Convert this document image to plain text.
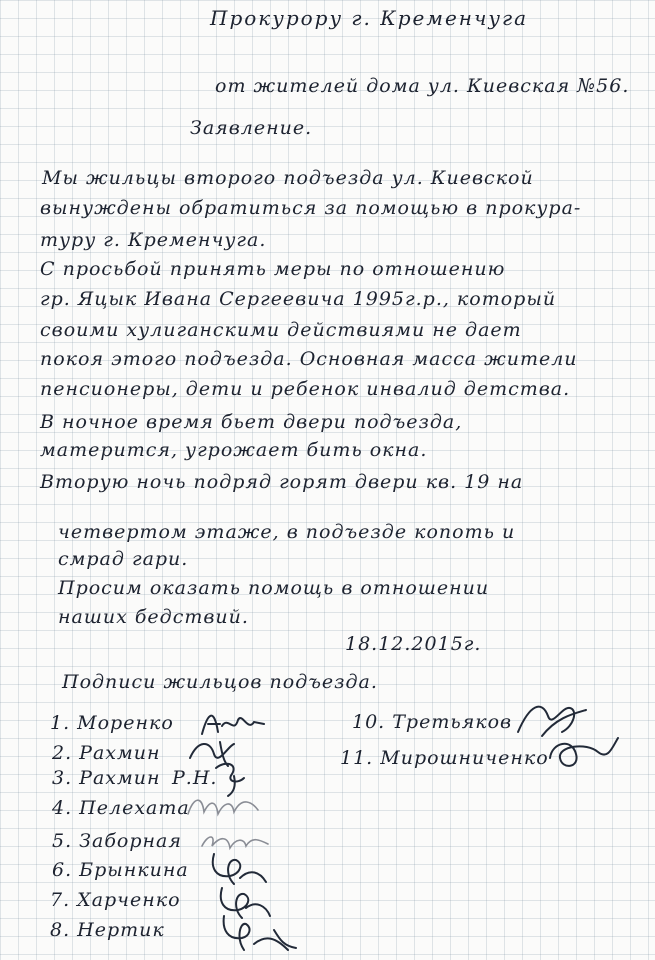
Прокурору г. Кременчуга
от жителей дома ул. Киевская №56.
Заявление.
Мы жильцы второго подъезда ул. Киевской
вынуждены обратиться за помощью в прокура-
туру г. Кременчуга.
С просьбой принять меры по отношению
гр. Яцык Ивана Сергеевича 1995г.р., который
своими хулиганскими действиями не дает
покоя этого подъезда. Основная масса жители
пенсионеры, дети и ребенок инвалид детства.
В ночное время бьет двери подъезда,
матерится, угрожает бить окна.
Вторую ночь подряд горят двери кв. 19 на
четвертом этаже, в подъезде копоть и
смрад гари.
Просим оказать помощь в отношении
наших бедствий.
18.12.2015г.
Подписи жильцов подъезда.
1. Моренко
2. Рахмин
3. Рахмин Р.Н.
4. Пелехата
5. Заборная
6. Брынкина
7. Харченко
8. Нертик
10. Третьяков
11. Мирошниченко
